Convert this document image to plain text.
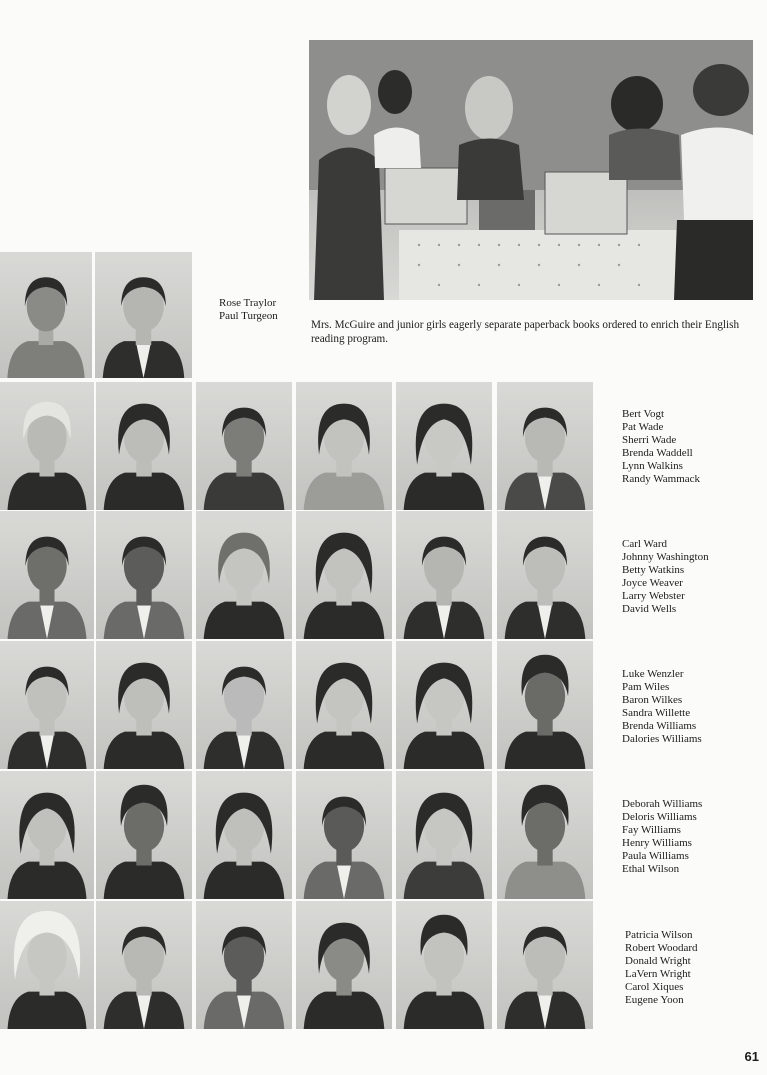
Mrs. McGuire and junior girls eagerly separate paperback books ordered to enrich their English reading program.

Rose Traylor
Paul Turgeon
Bert Vogt
Pat Wade
Sherri Wade
Brenda Waddell
Lynn Walkins
Randy Wammack
Carl Ward
Johnny Washington
Betty Watkins
Joyce Weaver
Larry Webster
David Wells
Luke Wenzler
Pam Wiles
Baron Wilkes
Sandra Willette
Brenda Williams
Dalories Williams
Deborah Williams
Deloris Williams
Fay Williams
Henry Williams
Paula Williams
Ethal Wilson
Patricia Wilson
Robert Woodard
Donald Wright
LaVern Wright
Carol Xiques
Eugene Yoon
61
